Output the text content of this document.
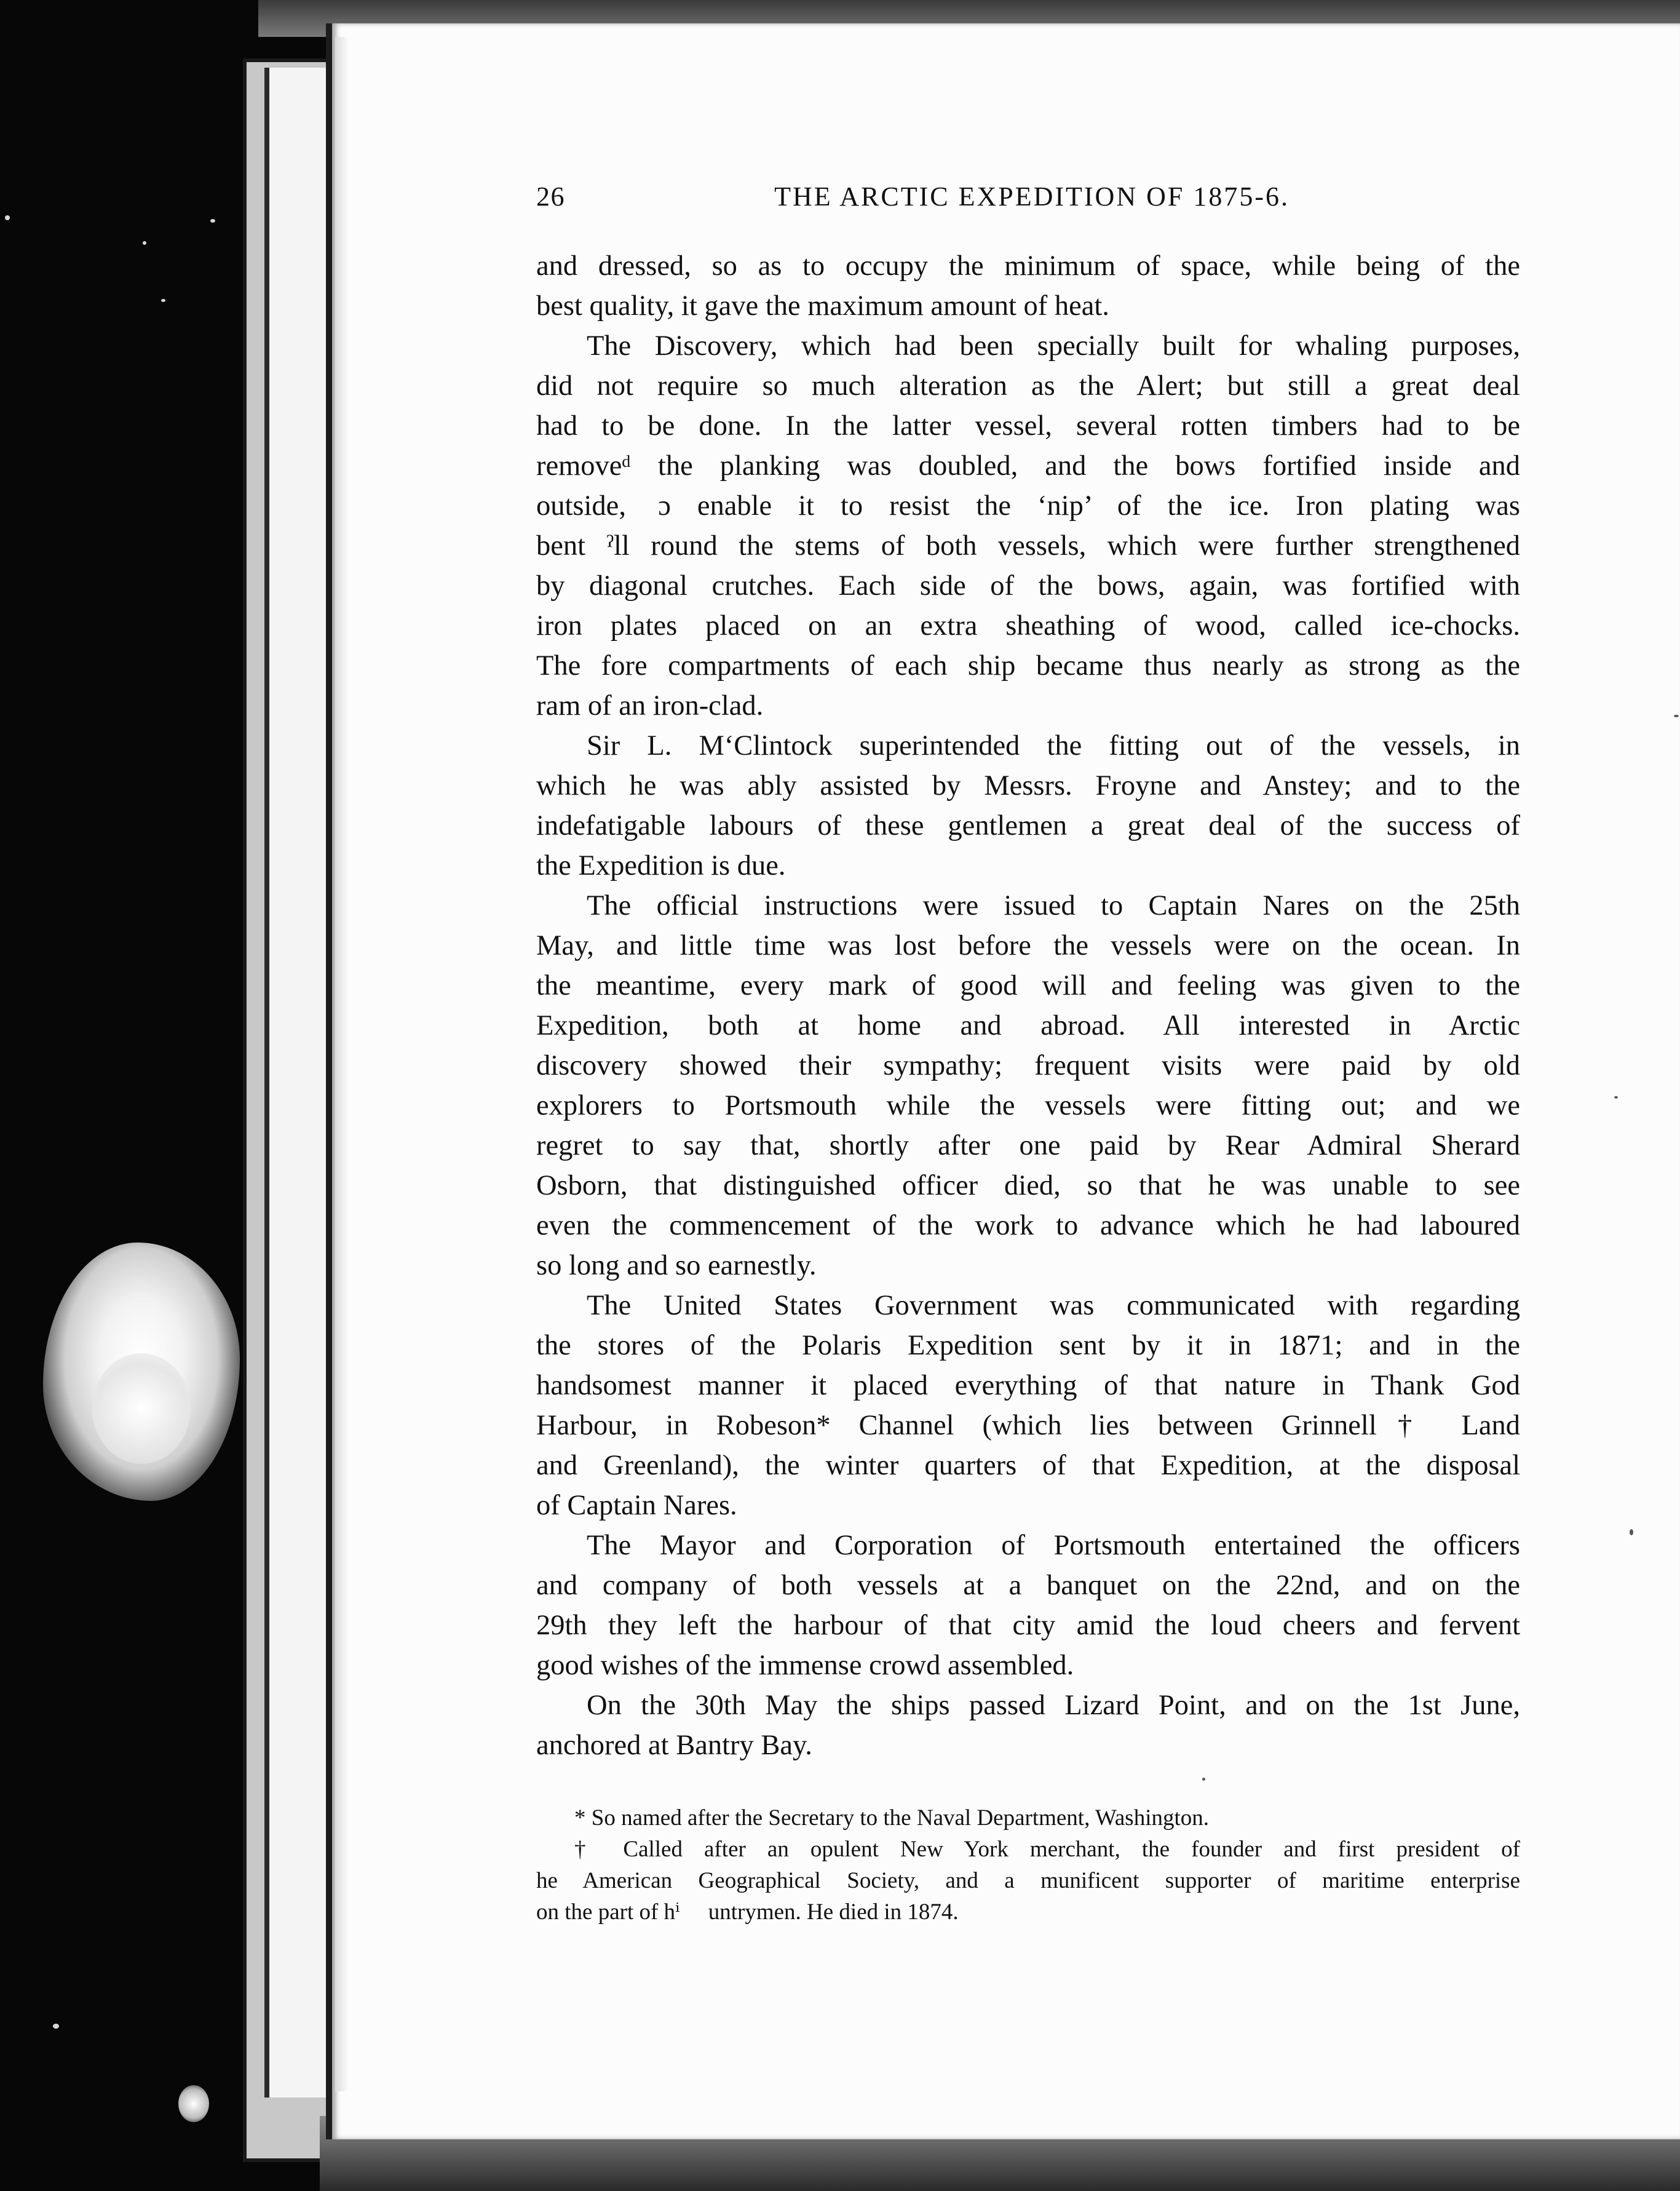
26	THE ARCTIC EXPEDITION OF 1875-6.
and dressed, so as to occupy the minimum of space, while being of the
best quality, it gave the maximum amount of heat.
The Discovery, which had been specially built for whaling purposes,
did not require so much alteration as the Alert; but still a great deal
had to be done. In the latter vessel, several rotten timbers had to be
removeᵈ the planking was doubled, and the bows fortified inside and
outside,  ɔ enable it to resist the ‘nip’ of the ice. Iron plating was
bent ˀll round the stems of both vessels, which were further strengthened
by diagonal crutches. Each side of the bows, again, was fortified with
iron plates placed on an extra sheathing of wood, called ice-chocks.
The fore compartments of each ship became thus nearly as strong as the
ram of an iron-clad.
Sir L. M‘Clintock superintended the fitting out of the vessels, in
which he was ably assisted by Messrs. Froyne and Anstey; and to the
indefatigable labours of these gentlemen a great deal of the success of
the Expedition is due.
The official instructions were issued to Captain Nares on the 25th
May, and little time was lost before the vessels were on the ocean. In
the meantime, every mark of good will and feeling was given to the
Expedition, both at home and abroad. All interested in Arctic
discovery showed their sympathy; frequent visits were paid by old
explorers to Portsmouth while the vessels were fitting out; and we
regret to say that, shortly after one paid by Rear Admiral Sherard
Osborn, that distinguished officer died, so that he was unable to see
even the commencement of the work to advance which he had laboured
so long and so earnestly.
The United States Government was communicated with regarding
the stores of the Polaris Expedition sent by it in 1871; and in the
handsomest manner it placed everything of that nature in Thank God
Harbour, in Robeson* Channel (which lies between Grinnell† Land
and Greenland), the winter quarters of that Expedition, at the disposal
of Captain Nares.
The Mayor and Corporation of Portsmouth entertained the officers
and company of both vessels at a banquet on the 22nd, and on the
29th they left the harbour of that city amid the loud cheers and fervent
good wishes of the immense crowd assembled.
On the 30th May the ships passed Lizard Point, and on the 1st June,
anchored at Bantry Bay.
* So named after the Secretary to the Naval Department, Washington.
† Called after an opulent New York merchant, the founder and first president of
he American Geographical Society, and a munificent supporter of maritime enterprise
on the part of hⁱ  untrymen. He died in 1874.
